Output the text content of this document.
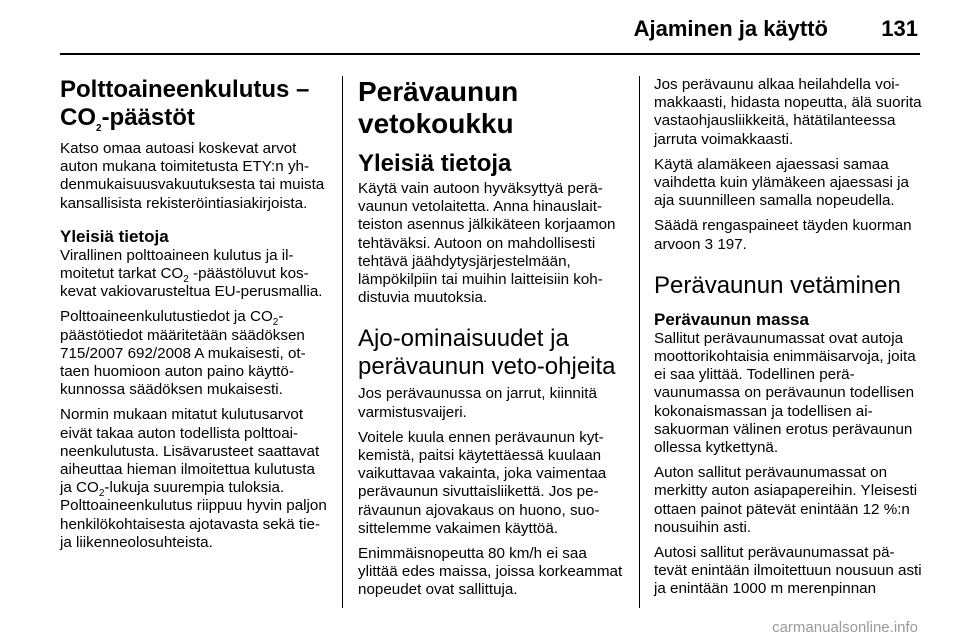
Ajaminen ja käyttö 131
Polttoaineenkulutus –
$CO_2$-päästöt

Katso omaa autoasi koskevat arvot auton mukana toimitetusta ETY:n yhdenmukaisuusvakuutuksesta tai muista kansallisista rekisteröintiasiakirjoista.

Yleisiä tietoja

Virallinen polttoaineen kulutus ja ilmoitetut tarkat $CO_2$ -päästöluvut koskevat vakiovarusteltua EU-perusmallia.

Polttoaineenkulutustiedot ja $CO_2$-päästötiedot määritetään säädöksen 715/2007 692/2008 A mukaisesti, ottaen huomioon auton paino käyttökunnossa säädöksen mukaisesti.

Normin mukaan mitatut kulutusarvot eivät takaa auton todellista polttoaineenkulutusta. Lisävarusteet saattavat aiheuttaa hieman ilmoitettua kulutusta ja $CO_2$-lukuja suurempia tuloksia. Polttoaineenkulutus riippuu hyvin paljon henkilökohtaisesta ajotavasta sekä tie- ja liikenneolosuhteista.

Perävaunun vetokoukku
Yleisiä tietoja

Käytä vain autoon hyväksyttyä perävaunun vetolaitetta. Anna hinauslaitteiston asennus jälkikäteen korjaamon tehtäväksi. Autoon on mahdollisesti tehtävä jäähdytysjärjestelmään, lämpökilpiin tai muihin laitteisiin kohdistuvia muutoksia.

Ajo-ominaisuudet ja perävaunun veto-ohjeita

Jos perävaunussa on jarrut, kiinnitä varmistusvaijeri.

Voitele kuula ennen perävaunun kytkemistä, paitsi käytettäessä kuulaan vaikuttavaa vakainta, joka vaimentaa perävaunun sivuttaisliikettä. Jos perävaunun ajovakaus on huono, suosittelemme vakaimen käyttöä.

Enimmäisnopeutta 80 km/h ei saa ylittää edes maissa, joissa korkeammat nopeudet ovat sallittuja.

Jos perävaunu alkaa heilahdella voimakkaasti, hidasta nopeutta, älä suorita vastaohjausliikkeitä, hätätilanteessa jarruta voimakkaasti.

Käytä alamäkeen ajaessasi samaa vaihdetta kuin ylämäkeen ajaessasi ja aja suunnilleen samalla nopeudella.

Säädä rengaspaineet täyden kuorman arvoon 3 197.

Perävaunun vetäminen
Perävaunun massa

Sallitut perävaunumassat ovat autoja moottorikohtaisia enimmäisarvoja, joita ei saa ylittää. Todellinen perävaunumassa on perävaunun todellisen kokonaismassan ja todellisen aisakuorman välinen erotus perävaunun ollessa kytkettynä.

Auton sallitut perävaunumassat on merkitty auton asiapapereihin. Yleisesti ottaen painot pätevät enintään 12 %:n nousuihin asti.

Autosi sallitut perävaunumassat pätevät enintään ilmoitettuun nousuun asti ja enintään 1000 m merenpinnan

carmanualsonline.info
